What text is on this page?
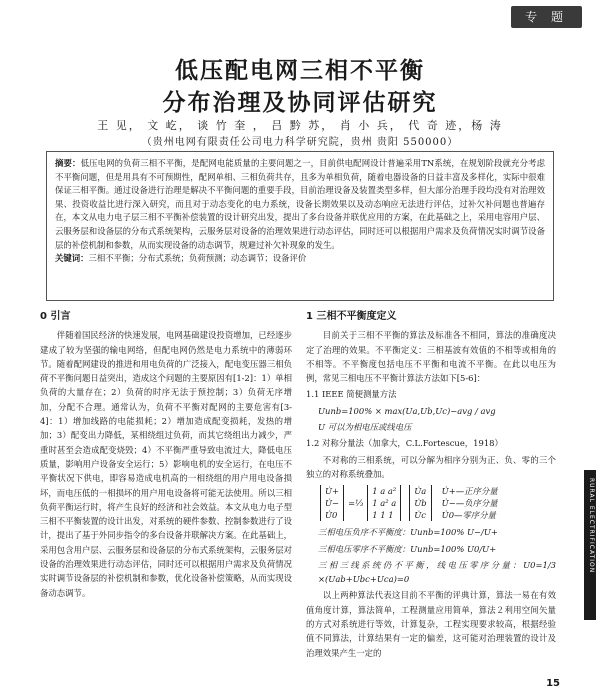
专 题
低压配电网三相不平衡
分布治理及协同评估研究
王 见， 文 屹， 谈 竹 奎 ， 吕 黔 苏， 肖 小 兵， 代 奇 迹，杨 涛
（贵州电网有限责任公司电力科学研究院，贵州 贵阳 550000）
摘要：低压电网的负荷三相不平衡，是配网电能质量的主要问题之一，目前供电配网设计普遍采用TN系统，在规划阶段就充分考虑不平衡问题，但是用具有不可预期性，配网单相、三相负荷共存，且多为单相负荷，随着电器设备的日益丰富及多样化，实际中很难保证三相平衡。通过设备进行治理是解决不平衡问题的重要手段，目前治理设备及装置类型多样，但大部分治理手段均没有对治理效果、投资收益比进行深入研究，而且对于动态变化的电力系统，设备长期效果以及动态响应无法进行评估，过补欠补问题也普遍存在，本文从电力电子层三相不平衡补偿装置的设计研究出发，提出了多台设备并联优应用的方案，在此基础之上，采用电容用户层、云服务层和设备层的分布式系统架构，云服务层对设备的治理效果进行动态评估，同时还可以根据用户需求及负荷情况实时调节设备层的补偿机制和参数，从而实现设备的动态调节，规避过补欠补现象的发生。
关键词：三相不平衡；分布式系统；负荷预测；动态调节；设备评价
0 引言

伴随着国民经济的快速发展，电网基础建设投资增加，已经逐步建成了较为坚强的输电网络，但配电网仍然是电力系统中的薄弱环节。随着配网建设的推进和用电负荷的广泛接入，配电变压器三相负荷不平衡问题日益突出，造成这个问题的主要原因有[1-2]：1）单相负荷的大量存在；2）负荷的时序无法于预控制；3）负荷无序增加，分配不合理。通常认为，负荷不平衡对配网的主要危害有[3-4]：1）增加线路的电能损耗；2）增加造成配变损耗，发热的增加；3）配变出力降低，某相绕组过负荷，而其它绕组出力减少，严重时甚至会造成配变烧毁；4）不平衡严重导致电流过大，降低电压质量，影响用户设备安全运行；5）影响电机的安全运行，在电压不平衡状况下供电，即容易造成电机高的一相绕组的用户用电设备损坏，而电压低的一相损坏的用户用电设备将可能无法使用。所以三相负荷平衡运行时，将产生良好的经济和社会效益。本文从电力电子型三相不平衡装置的设计出发，对系统的硬件参数、控制参数进行了设计，提出了基于外同步指令的多台设备并联解决方案。在此基础上，采用包含用户层、云服务层和设备层的分布式系统架构，云服务层对设备的治理效果进行动态评估，同时还可以根据用户需求及负荷情况实时调节设备层的补偿机制和参数，优化设备补偿策略，从而实现设备动态调节。

1 三相不平衡度定义

目前关于三相不平衡的算法及标准各不相同，算法的准确度决定了治理的效果。不平衡定义：三相基波有效值的不相等或相角的不相等。不平衡度包括电压不平衡和电流不平衡。在此以电压为例，常见三相电压不平衡计算法方法如下[5-6]：

1.1 IEEE 简便测量方法
Uunb=100% × max(Ua,Ub,Uc)−avg / avg
U 可以为相电压或线电压
1.2 对称分量法（加拿大，C.L.Fortescue，1918）

不对称的三相系统，可以分解为相序分别为正、负、零的三个独立的对称系统叠加。

U̇+
U̇−
U̇0
=⅓
1 a a²
1 a² a
1 1 1
U̇a
U̇b
U̇c
U̇+—正序分量
U̇−—负序分量
U̇0—零序分量
三相电压负序不平衡度：Uunb=100% U−/U+
三相电压零序不平衡度：Uunb=100% U0/U+
三相三线系统仍不平衡，线电压零序分量：U0=1/3 ×(Uab+Ubc+Uca)=0

以上两种算法代表这目前不平衡的评典计算，算法一易在有效值角度计算，算法简单，工程测量应用简单，算法２利用空间矢量的方式对系统进行等效，计算复杂，工程实现要求较高，根据经验值不同算法，计算结果有一定的偏差，这可能对治理装置的设计及治理效果产生一定的

RURAL ELECTRIFICATION
15
